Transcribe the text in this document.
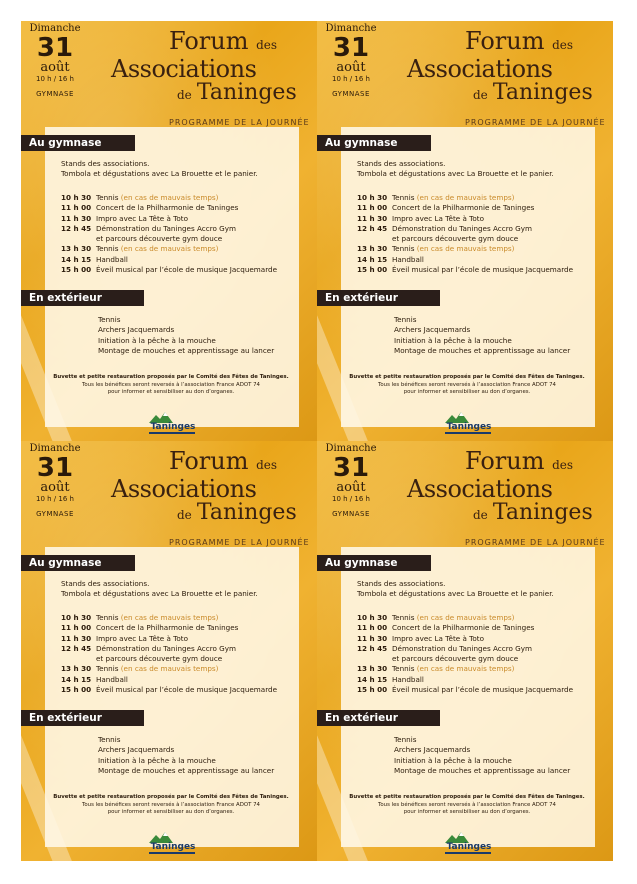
Dimanche
31
août
10 h / 16 h
GYMNASE
Forum des
Associations
de Taninges
PROGRAMME DE LA JOURNÉE
Au gymnase
Stands des associations.
Tombola et dégustations avec La Brouette et le panier.
10 h 30 Tennis (en cas de mauvais temps)
11 h 00 Concert de la Philharmonie de Taninges
11 h 30 Impro avec La Tête à Toto
12 h 45 Démonstration du Taninges Accro Gym
et parcours découverte gym douce
13 h 30 Tennis (en cas de mauvais temps)
14 h 15 Handball
15 h 00 Éveil musical par l’école de musique Jacquemarde
En extérieur
Tennis
Archers Jacquemards
Initiation à la pêche à la mouche
Montage de mouches et apprentissage au lancer
Buvette et petite restauration proposés par le Comité des Fêtes de Taninges.
Tous les bénéfices seront reversés à l’association France ADOT 74
pour informer et sensibiliser au don d’organes.
Taninges
Dimanche
31
août
10 h / 16 h
GYMNASE
Forum des
Associations
de Taninges
PROGRAMME DE LA JOURNÉE
Au gymnase
Stands des associations.
Tombola et dégustations avec La Brouette et le panier.
10 h 30 Tennis (en cas de mauvais temps)
11 h 00 Concert de la Philharmonie de Taninges
11 h 30 Impro avec La Tête à Toto
12 h 45 Démonstration du Taninges Accro Gym
et parcours découverte gym douce
13 h 30 Tennis (en cas de mauvais temps)
14 h 15 Handball
15 h 00 Éveil musical par l’école de musique Jacquemarde
En extérieur
Tennis
Archers Jacquemards
Initiation à la pêche à la mouche
Montage de mouches et apprentissage au lancer
Buvette et petite restauration proposés par le Comité des Fêtes de Taninges.
Tous les bénéfices seront reversés à l’association France ADOT 74
pour informer et sensibiliser au don d’organes.
Taninges
Dimanche
31
août
10 h / 16 h
GYMNASE
Forum des
Associations
de Taninges
PROGRAMME DE LA JOURNÉE
Au gymnase
Stands des associations.
Tombola et dégustations avec La Brouette et le panier.
10 h 30 Tennis (en cas de mauvais temps)
11 h 00 Concert de la Philharmonie de Taninges
11 h 30 Impro avec La Tête à Toto
12 h 45 Démonstration du Taninges Accro Gym
et parcours découverte gym douce
13 h 30 Tennis (en cas de mauvais temps)
14 h 15 Handball
15 h 00 Éveil musical par l’école de musique Jacquemarde
En extérieur
Tennis
Archers Jacquemards
Initiation à la pêche à la mouche
Montage de mouches et apprentissage au lancer
Buvette et petite restauration proposés par le Comité des Fêtes de Taninges.
Tous les bénéfices seront reversés à l’association France ADOT 74
pour informer et sensibiliser au don d’organes.
Taninges
Dimanche
31
août
10 h / 16 h
GYMNASE
Forum des
Associations
de Taninges
PROGRAMME DE LA JOURNÉE
Au gymnase
Stands des associations.
Tombola et dégustations avec La Brouette et le panier.
10 h 30 Tennis (en cas de mauvais temps)
11 h 00 Concert de la Philharmonie de Taninges
11 h 30 Impro avec La Tête à Toto
12 h 45 Démonstration du Taninges Accro Gym
et parcours découverte gym douce
13 h 30 Tennis (en cas de mauvais temps)
14 h 15 Handball
15 h 00 Éveil musical par l’école de musique Jacquemarde
En extérieur
Tennis
Archers Jacquemards
Initiation à la pêche à la mouche
Montage de mouches et apprentissage au lancer
Buvette et petite restauration proposés par le Comité des Fêtes de Taninges.
Tous les bénéfices seront reversés à l’association France ADOT 74
pour informer et sensibiliser au don d’organes.
Taninges
